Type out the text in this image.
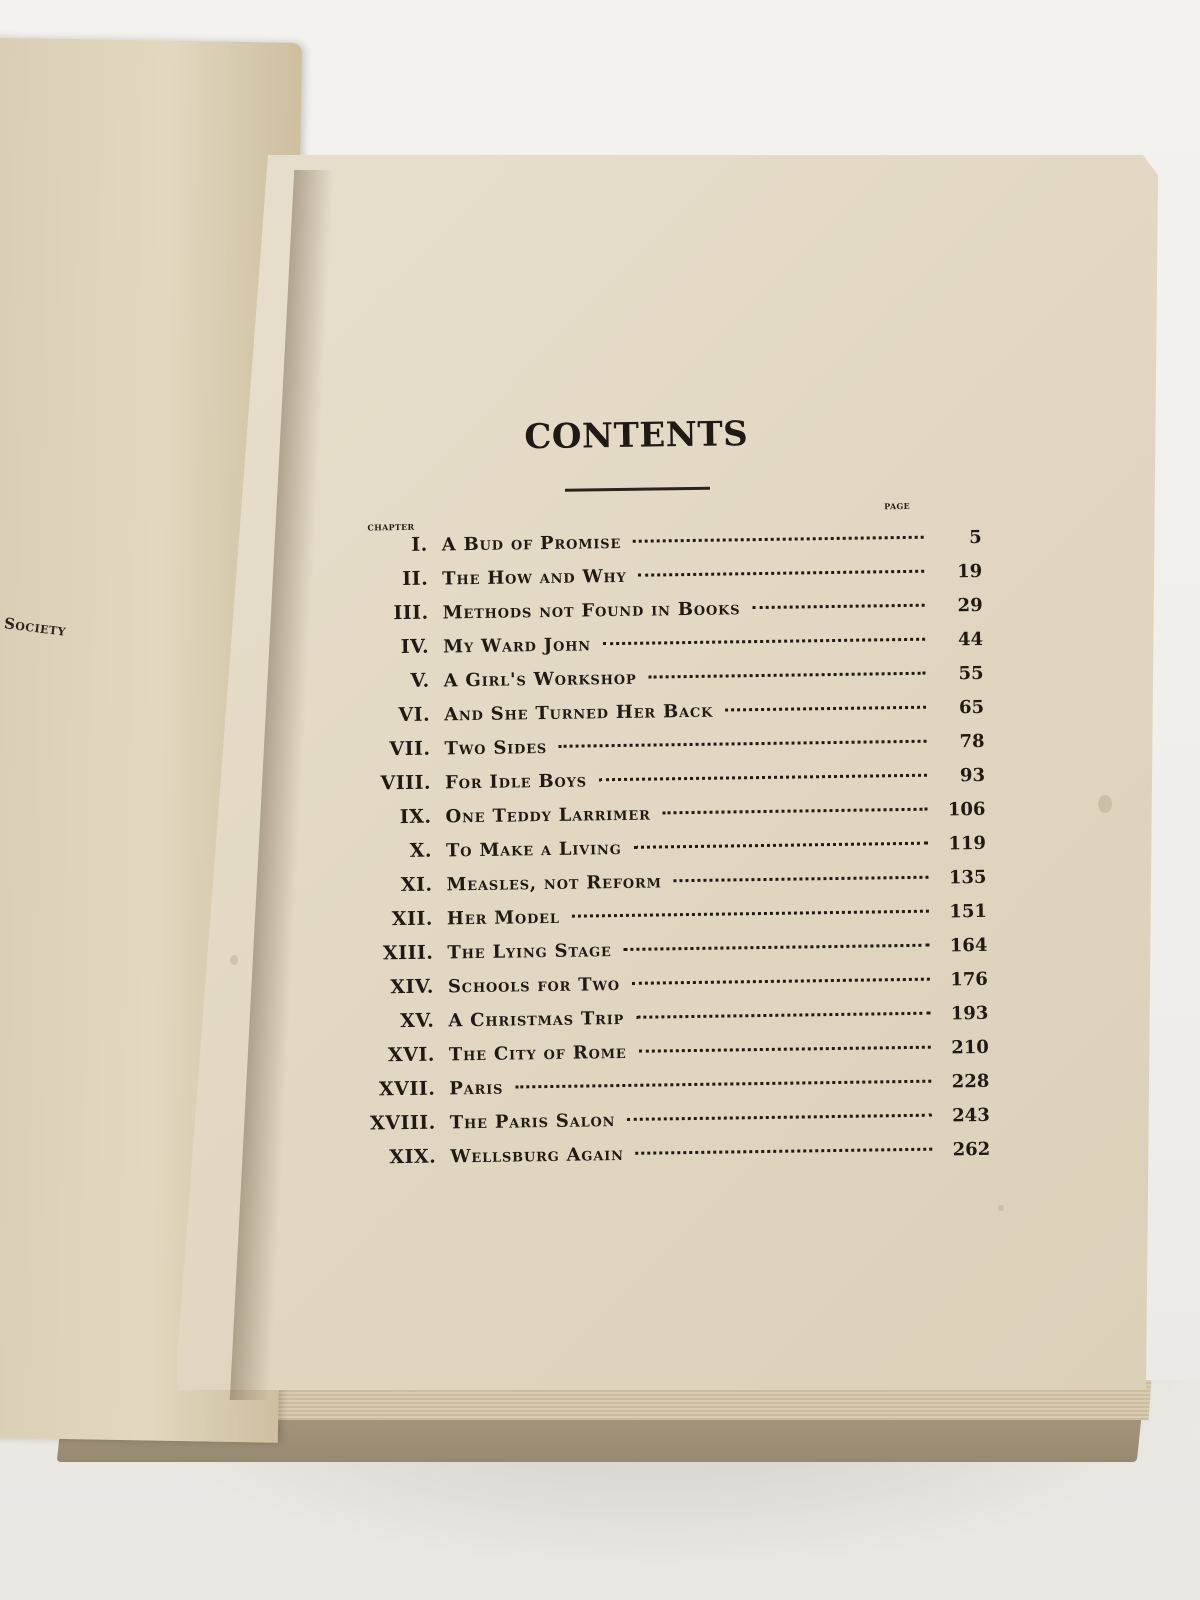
Society
CONTENTS
CHAPTER
PAGE
I. A Bud of Promise	5
II. The How and Why	19
III. Methods not Found in Books	29
IV. My Ward John	44
V. A Girl's Workshop	55
VI. And She Turned Her Back	65
VII. Two Sides	78
VIII. For Idle Boys	93
IX. One Teddy Larrimer	106
X. To Make a Living	119
XI. Measles, not Reform	135
XII. Her Model	151
XIII. The Lying Stage	164
XIV. Schools for Two	176
XV. A Christmas Trip	193
XVI. The City of Rome	210
XVII. Paris	228
XVIII. The Paris Salon	243
XIX. Wellsburg Again	262
